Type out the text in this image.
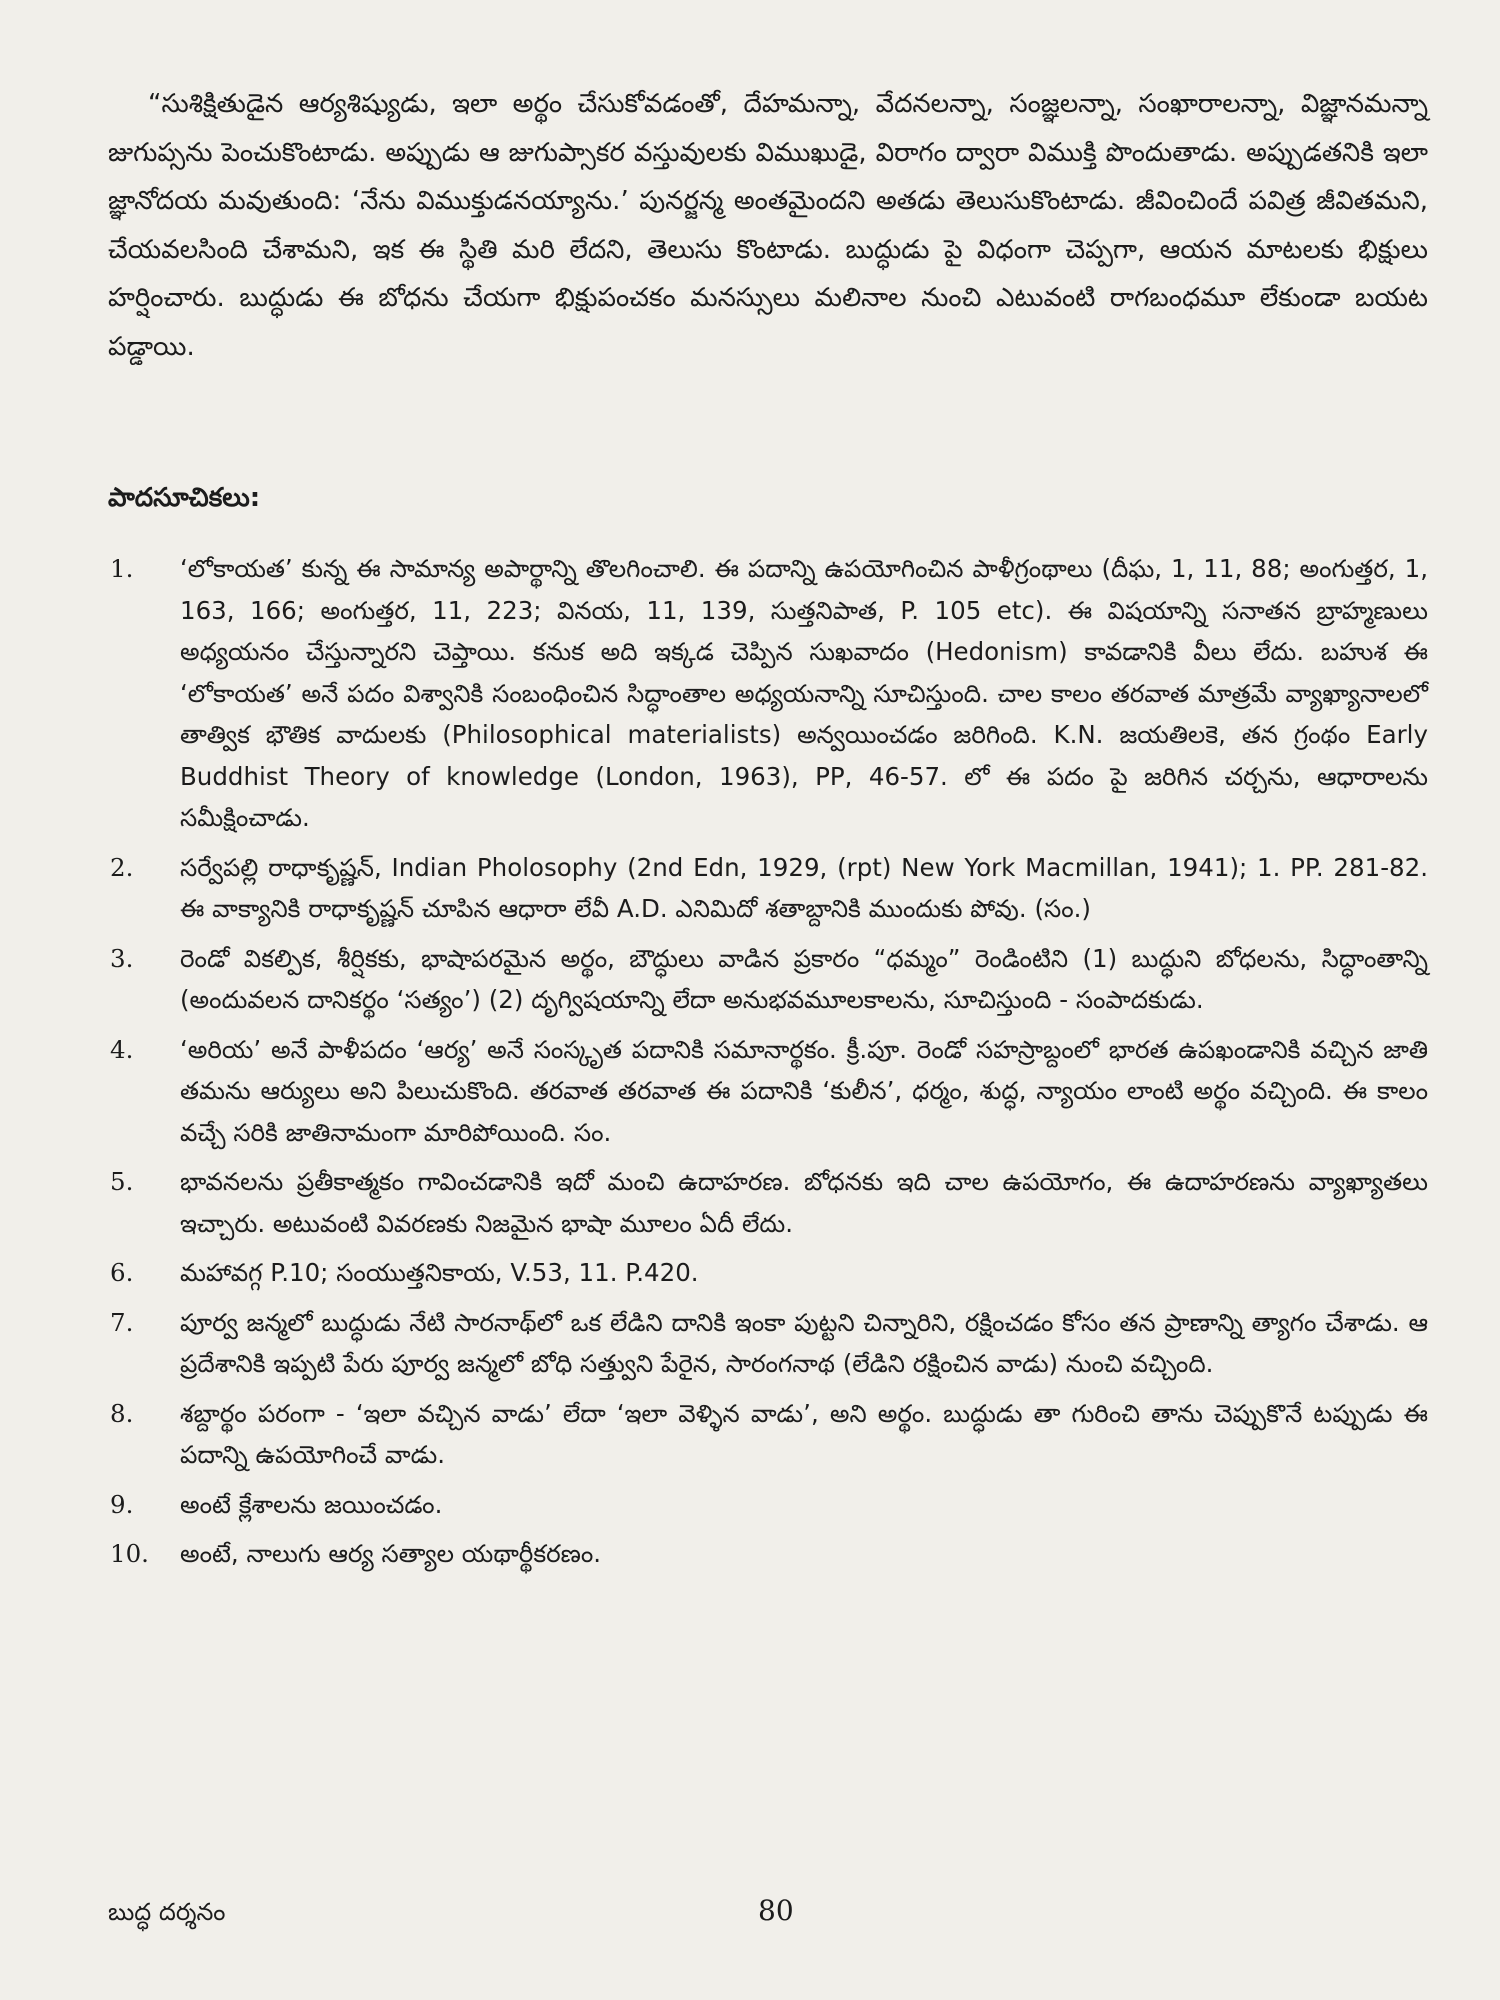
“సుశిక్షితుడైన ఆర్యశిష్యుడు, ఇలా అర్థం చేసుకోవడంతో, దేహమన్నా, వేదనలన్నా, సంజ్ఞలన్నా, సంఖారాలన్నా, విజ్ఞానమన్నా జుగుప్సను పెంచుకొంటాడు. అప్పుడు ఆ జుగుప్సాకర వస్తువులకు విముఖుడై, విరాగం ద్వారా విముక్తి పొందుతాడు. అప్పుడతనికి ఇలా జ్ఞానోదయ మవుతుంది: ‘నేను విముక్తుడనయ్యాను.’ పునర్జన్మ అంతమైందని అతడు తెలుసుకొంటాడు. జీవించిందే పవిత్ర జీవితమని, చేయవలసింది చేశామని, ఇక ఈ స్థితి మరి లేదని, తెలుసు కొంటాడు. బుద్ధుడు పై విధంగా చెప్పగా, ఆయన మాటలకు భిక్షులు హర్షించారు. బుద్ధుడు ఈ బోధను చేయగా భిక్షుపంచకం మనస్సులు మలినాల నుంచి ఎటువంటి రాగబంధమూ లేకుండా బయట పడ్డాయి.

పాదసూచికలు:
1. ‘లోకాయత’ కున్న ఈ సామాన్య అపార్థాన్ని తొలగించాలి. ఈ పదాన్ని ఉపయోగించిన పాళీగ్రంథాలు (దీఘ, 1, 11, 88; అంగుత్తర, 1, 163, 166; అంగుత్తర, 11, 223; వినయ, 11, 139, సుత్తనిపాత, P. 105 etc). ఈ విషయాన్ని సనాతన బ్రాహ్మణులు అధ్యయనం చేస్తున్నారని చెప్తాయి. కనుక అది ఇక్కడ చెప్పిన సుఖవాదం (Hedonism) కావడానికి వీలు లేదు. బహుశ ఈ ‘లోకాయత’ అనే పదం విశ్వానికి సంబంధించిన సిద్ధాంతాల అధ్యయనాన్ని సూచిస్తుంది. చాల కాలం తరవాత మాత్రమే వ్యాఖ్యానాలలో తాత్విక భౌతిక వాదులకు (Philosophical materialists) అన్వయించడం జరిగింది. K.N. జయతిలకె, తన గ్రంథం Early Buddhist Theory of knowledge (London, 1963), PP, 46-57. లో ఈ పదం పై జరిగిన చర్చను, ఆధారాలను సమీక్షించాడు.
2. సర్వేపల్లి రాధాకృష్ణన్, Indian Pholosophy (2nd Edn, 1929, (rpt) New York Macmillan, 1941); 1. PP. 281-82. ఈ వాక్యానికి రాధాకృష్ణన్ చూపిన ఆధారా లేవీ A.D. ఎనిమిదో శతాబ్దానికి ముందుకు పోవు. (సం.)
3. రెండో వికల్పిక, శీర్షికకు, భాషాపరమైన అర్థం, బౌద్ధులు వాడిన ప్రకారం “ధమ్మం” రెండింటిని (1) బుద్ధుని బోధలను, సిద్ధాంతాన్ని (అందువలన దానికర్థం ‘సత్యం’) (2) దృగ్విషయాన్ని లేదా అనుభవమూలకాలను, సూచిస్తుంది - సంపాదకుడు.
4. ‘అరియ’ అనే పాళీపదం ‘ఆర్య’ అనే సంస్కృత పదానికి సమానార్థకం. క్రీ.పూ. రెండో సహస్రాబ్దంలో భారత ఉపఖండానికి వచ్చిన జాతి తమను ఆర్యులు అని పిలుచుకొంది. తరవాత తరవాత ఈ పదానికి ‘కులీన’, ధర్మం, శుద్ధ, న్యాయం లాంటి అర్థం వచ్చింది. ఈ కాలం వచ్చే సరికి జాతినామంగా మారిపోయింది. సం.
5. భావనలను ప్రతీకాత్మకం గావించడానికి ఇదో మంచి ఉదాహరణ. బోధనకు ఇది చాల ఉపయోగం, ఈ ఉదాహరణను వ్యాఖ్యాతలు ఇచ్చారు. అటువంటి వివరణకు నిజమైన భాషా మూలం ఏదీ లేదు.
6. మహావగ్గ P.10; సంయుత్తనికాయ, V.53, 11. P.420.
7. పూర్వ జన్మలో బుద్ధుడు నేటి సారనాథ్‌లో ఒక లేడిని దానికి ఇంకా పుట్టని చిన్నారిని, రక్షించడం కోసం తన ప్రాణాన్ని త్యాగం చేశాడు. ఆ ప్రదేశానికి ఇప్పటి పేరు పూర్వ జన్మలో బోధి సత్త్వుని పేరైన, సారంగనాథ (లేడిని రక్షించిన వాడు) నుంచి వచ్చింది.
8. శబ్దార్థం పరంగా - ‘ఇలా వచ్చిన వాడు’ లేదా ‘ఇలా వెళ్ళిన వాడు’, అని అర్థం. బుద్ధుడు తా గురించి తాను చెప్పుకొనే టప్పుడు ఈ పదాన్ని ఉపయోగించే వాడు.
9. అంటే క్లేశాలను జయించడం.
10. అంటే, నాలుగు ఆర్య సత్యాల యథార్థీకరణం.

బుద్ధ దర్శనం	80
